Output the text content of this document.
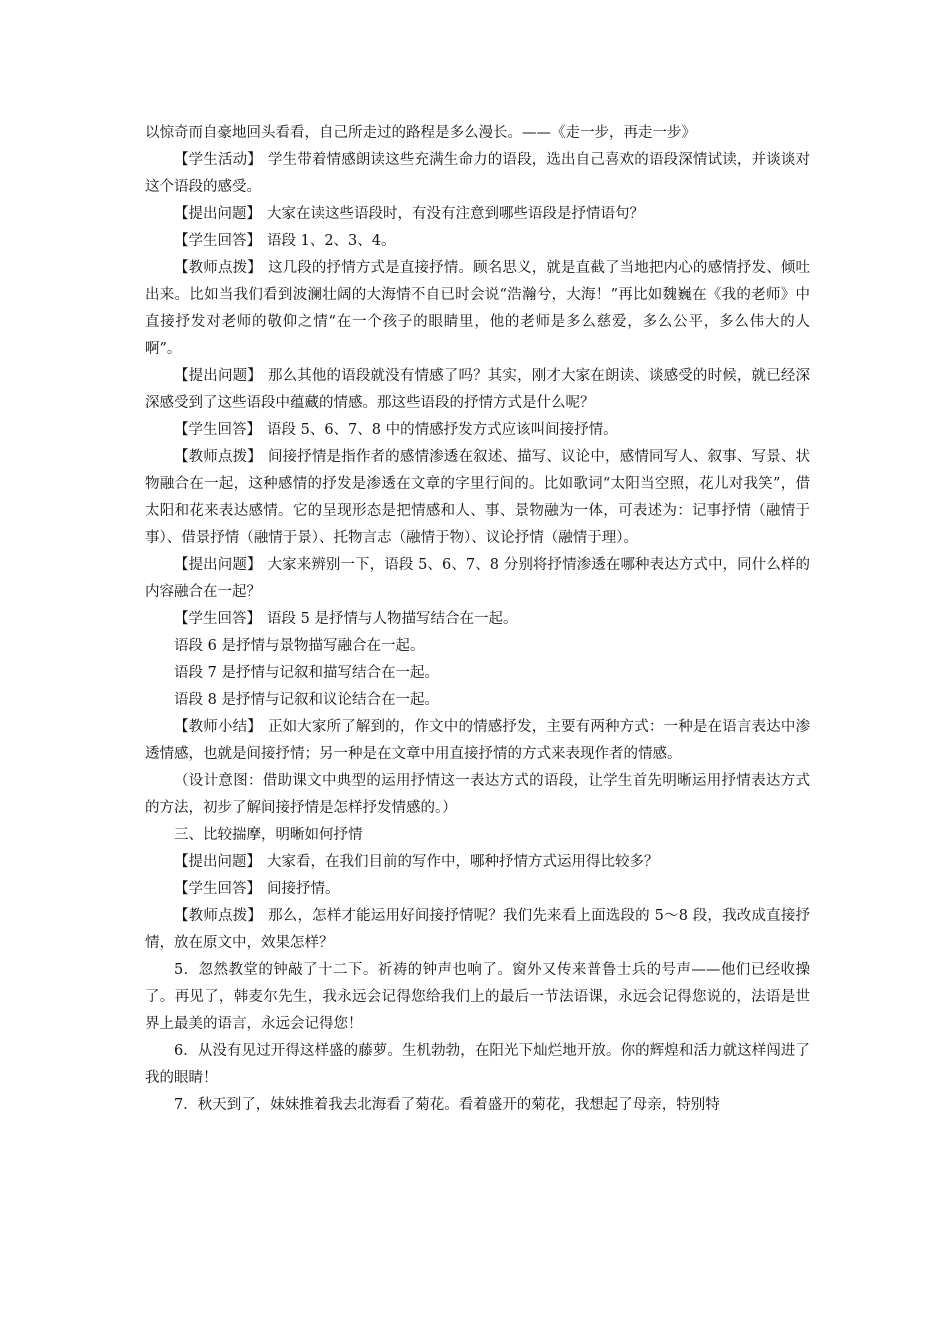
以惊奇而自豪地回头看看，自己所走过的路程是多么漫长。——《走一步，再走一步》

【学生活动】 学生带着情感朗读这些充满生命力的语段，选出自己喜欢的语段深情试读，并谈谈对这个语段的感受。

【提出问题】 大家在读这些语段时，有没有注意到哪些语段是抒情语句？

【学生回答】 语段 1、2、3、4。

【教师点拨】 这几段的抒情方式是直接抒情。顾名思义，就是直截了当地把内心的感情抒发、倾吐出来。比如当我们看到波澜壮阔的大海情不自已时会说“浩瀚兮，大海！”再比如魏巍在《我的老师》中直接抒发对老师的敬仰之情“在一个孩子的眼睛里，他的老师是多么慈爱，多么公平，多么伟大的人啊”。

【提出问题】 那么其他的语段就没有情感了吗？其实，刚才大家在朗读、谈感受的时候，就已经深深感受到了这些语段中蕴藏的情感。那这些语段的抒情方式是什么呢？

【学生回答】 语段 5、6、7、8 中的情感抒发方式应该叫间接抒情。

【教师点拨】 间接抒情是指作者的感情渗透在叙述、描写、议论中，感情同写人、叙事、写景、状物融合在一起，这种感情的抒发是渗透在文章的字里行间的。比如歌词“太阳当空照，花儿对我笑”，借太阳和花来表达感情。它的呈现形态是把情感和人、事、景物融为一体，可表述为：记事抒情（融情于事）、借景抒情（融情于景）、托物言志（融情于物）、议论抒情（融情于理）。

【提出问题】 大家来辨别一下，语段 5、6、7、8 分别将抒情渗透在哪种表达方式中，同什么样的内容融合在一起？

【学生回答】 语段 5 是抒情与人物描写结合在一起。

语段 6 是抒情与景物描写融合在一起。

语段 7 是抒情与记叙和描写结合在一起。

语段 8 是抒情与记叙和议论结合在一起。

【教师小结】 正如大家所了解到的，作文中的情感抒发，主要有两种方式：一种是在语言表达中渗透情感，也就是间接抒情；另一种是在文章中用直接抒情的方式来表现作者的情感。

（设计意图：借助课文中典型的运用抒情这一表达方式的语段，让学生首先明晰运用抒情表达方式的方法，初步了解间接抒情是怎样抒发情感的。）

三、比较揣摩，明晰如何抒情

【提出问题】 大家看，在我们目前的写作中，哪种抒情方式运用得比较多？

【学生回答】 间接抒情。

【教师点拨】 那么，怎样才能运用好间接抒情呢？我们先来看上面选段的 5～8 段，我改成直接抒情，放在原文中，效果怎样？

5．忽然教堂的钟敲了十二下。祈祷的钟声也响了。窗外又传来普鲁士兵的号声——他们已经收操了。再见了，韩麦尔先生，我永远会记得您给我们上的最后一节法语课，永远会记得您说的，法语是世界上最美的语言，永远会记得您！

6．从没有见过开得这样盛的藤萝。生机勃勃，在阳光下灿烂地开放。你的辉煌和活力就这样闯进了我的眼睛！

7．秋天到了，妹妹推着我去北海看了菊花。看着盛开的菊花，我想起了母亲，特别特
